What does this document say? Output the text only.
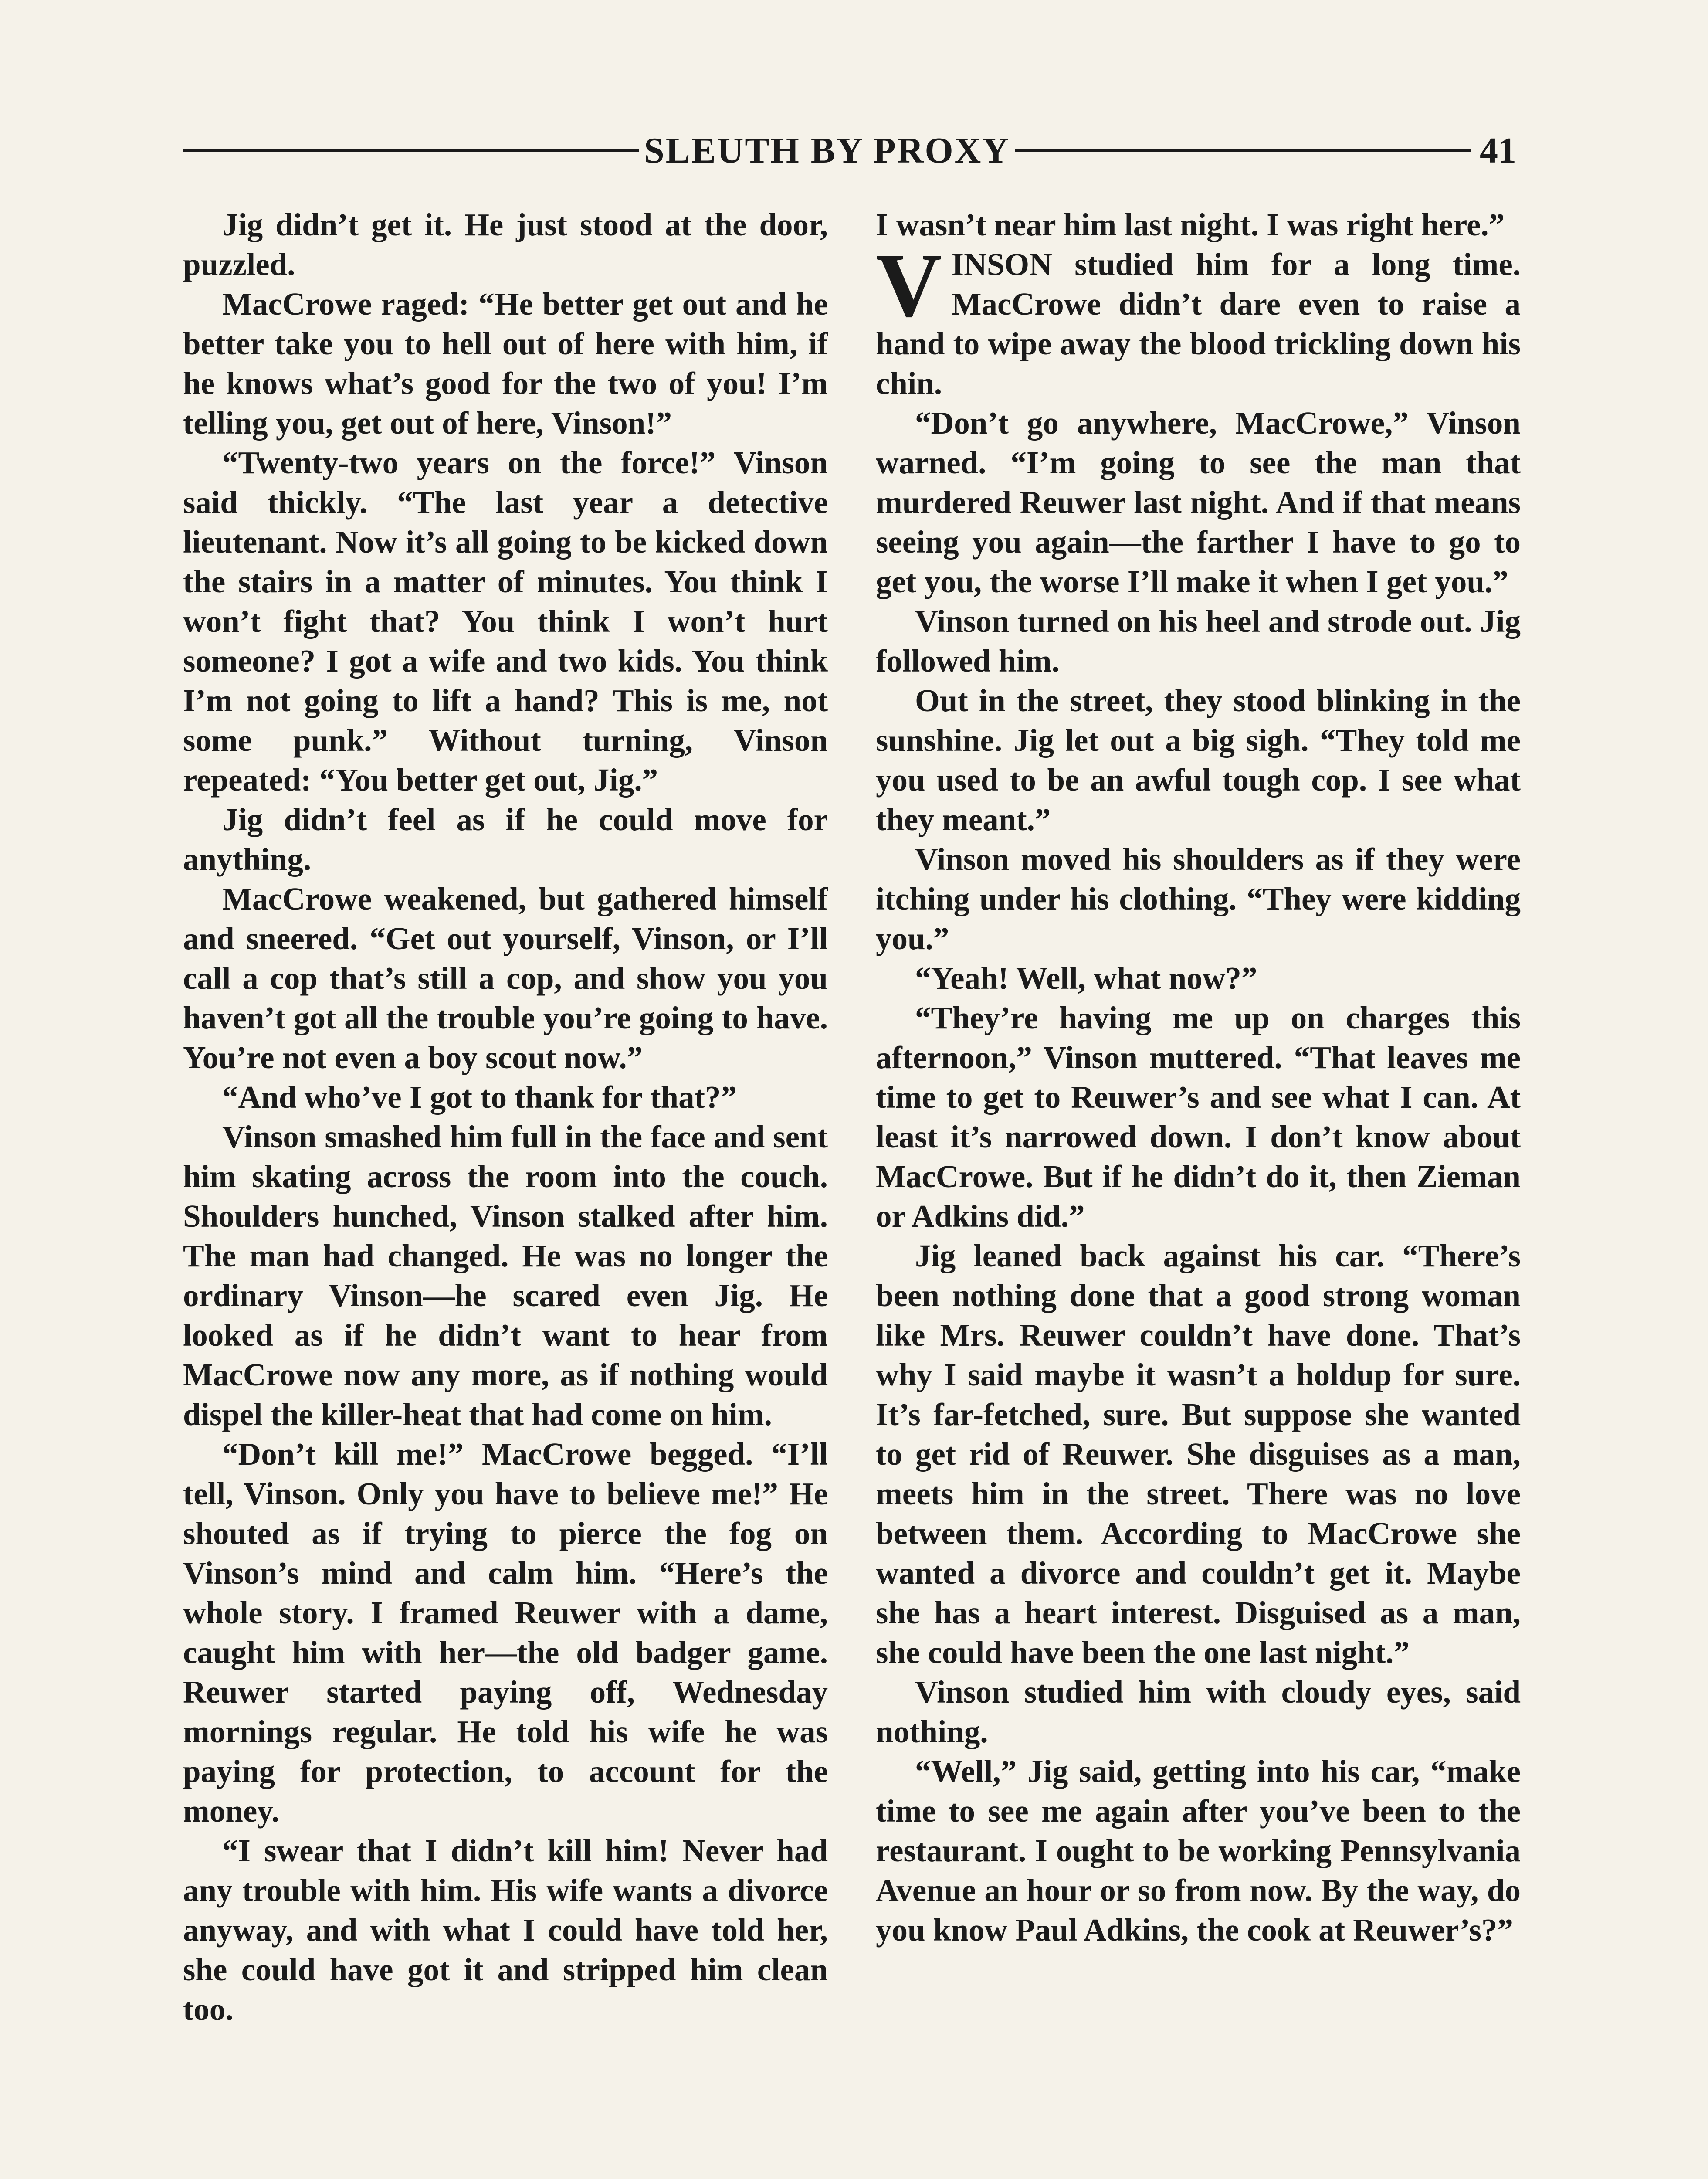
SLEUTH BY PROXY	41

Jig didn’t get it. He just stood at the door, puzzled.

MacCrowe raged: “He better get out and he better take you to hell out of here with him, if he knows what’s good for the two of you! I’m telling you, get out of here, Vinson!”

“Twenty-two years on the force!” Vinson said thickly. “The last year a detective lieutenant. Now it’s all going to be kicked down the stairs in a matter of minutes. You think I won’t fight that? You think I won’t hurt someone? I got a wife and two kids. You think I’m not going to lift a hand? This is me, not some punk.” Without turning, Vinson repeated: “You better get out, Jig.”

Jig didn’t feel as if he could move for anything.

MacCrowe weakened, but gathered himself and sneered. “Get out yourself, Vinson, or I’ll call a cop that’s still a cop, and show you you haven’t got all the trouble you’re going to have. You’re not even a boy scout now.”

“And who’ve I got to thank for that?”

Vinson smashed him full in the face and sent him skating across the room into the couch. Shoulders hunched, Vinson stalked after him. The man had changed. He was no longer the ordinary Vinson—he scared even Jig. He looked as if he didn’t want to hear from MacCrowe now any more, as if nothing would dispel the killer-heat that had come on him.

“Don’t kill me!” MacCrowe begged. “I’ll tell, Vinson. Only you have to believe me!” He shouted as if trying to pierce the fog on Vinson’s mind and calm him. “Here’s the whole story. I framed Reuwer with a dame, caught him with her—the old badger game. Reuwer started paying off, Wednesday mornings regular. He told his wife he was paying for protection, to account for the money.

“I swear that I didn’t kill him! Never had any trouble with him. His wife wants a divorce anyway, and with what I could have told her, she could have got it and stripped him clean too.

I wasn’t near him last night. I was right here.”

VINSON studied him for a long time. MacCrowe didn’t dare even to raise a hand to wipe away the blood trickling down his chin.

“Don’t go anywhere, MacCrowe,” Vinson warned. “I’m going to see the man that murdered Reuwer last night. And if that means seeing you again—the farther I have to go to get you, the worse I’ll make it when I get you.”

Vinson turned on his heel and strode out. Jig followed him.

Out in the street, they stood blinking in the sunshine. Jig let out a big sigh. “They told me you used to be an awful tough cop. I see what they meant.”

Vinson moved his shoulders as if they were itching under his clothing. “They were kidding you.”

“Yeah! Well, what now?”

“They’re having me up on charges this afternoon,” Vinson muttered. “That leaves me time to get to Reuwer’s and see what I can. At least it’s narrowed down. I don’t know about MacCrowe. But if he didn’t do it, then Zieman or Adkins did.”

Jig leaned back against his car. “There’s been nothing done that a good strong woman like Mrs. Reuwer couldn’t have done. That’s why I said maybe it wasn’t a holdup for sure. It’s far-fetched, sure. But suppose she wanted to get rid of Reuwer. She disguises as a man, meets him in the street. There was no love between them. According to MacCrowe she wanted a divorce and couldn’t get it. Maybe she has a heart interest. Disguised as a man, she could have been the one last night.”

Vinson studied him with cloudy eyes, said nothing.

“Well,” Jig said, getting into his car, “make time to see me again after you’ve been to the restaurant. I ought to be working Pennsylvania Avenue an hour or so from now. By the way, do you know Paul Adkins, the cook at Reuwer’s?”
